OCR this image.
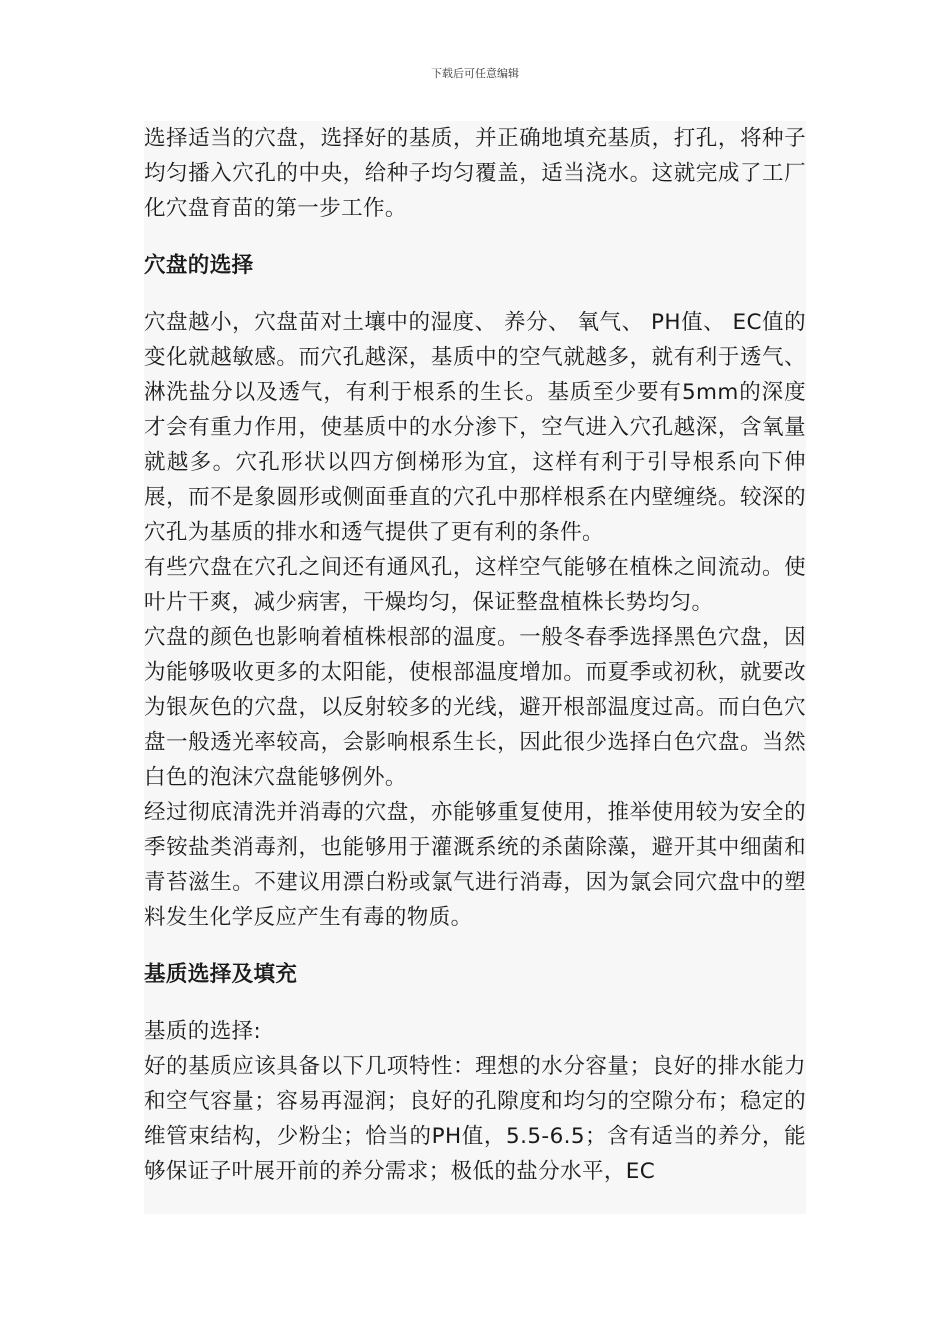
下载后可任意编辑

选择适当的穴盘，选择好的基质，并正确地填充基质，打孔，将种子均匀播入穴孔的中央，给种子均匀覆盖，适当浇水。这就完成了工厂化穴盘育苗的第一步工作。

穴盘的选择

穴盘越小，穴盘苗对土壤中的湿度、 养分、 氧气、 PH值、 EC值的变化就越敏感。而穴孔越深，基质中的空气就越多，就有利于透气、 淋洗盐分以及透气，有利于根系的生长。基质至少要有5mm的深度才会有重力作用，使基质中的水分渗下，空气进入穴孔越深，含氧量就越多。穴孔形状以四方倒梯形为宜，这样有利于引导根系向下伸展，而不是象圆形或侧面垂直的穴孔中那样根系在内壁缠绕。较深的穴孔为基质的排水和透气提供了更有利的条件。

有些穴盘在穴孔之间还有通风孔，这样空气能够在植株之间流动。使叶片干爽，减少病害，干燥均匀，保证整盘植株长势均匀。

穴盘的颜色也影响着植株根部的温度。一般冬春季选择黑色穴盘，因为能够吸收更多的太阳能，使根部温度增加。而夏季或初秋，就要改为银灰色的穴盘，以反射较多的光线，避开根部温度过高。而白色穴盘一般透光率较高，会影响根系生长，因此很少选择白色穴盘。当然白色的泡沫穴盘能够例外。

经过彻底清洗并消毒的穴盘，亦能够重复使用，推举使用较为安全的季铵盐类消毒剂，也能够用于灌溉系统的杀菌除藻，避开其中细菌和青苔滋生。不建议用漂白粉或氯气进行消毒，因为氯会同穴盘中的塑料发生化学反应产生有毒的物质。

基质选择及填充

基质的选择:

好的基质应该具备以下几项特性：理想的水分容量；良好的排水能力和空气容量；容易再湿润；良好的孔隙度和均匀的空隙分布；稳定的维管束结构，少粉尘；恰当的PH值，5.5-6.5；含有适当的养分，能够保证子叶展开前的养分需求；极低的盐分水平，EC
